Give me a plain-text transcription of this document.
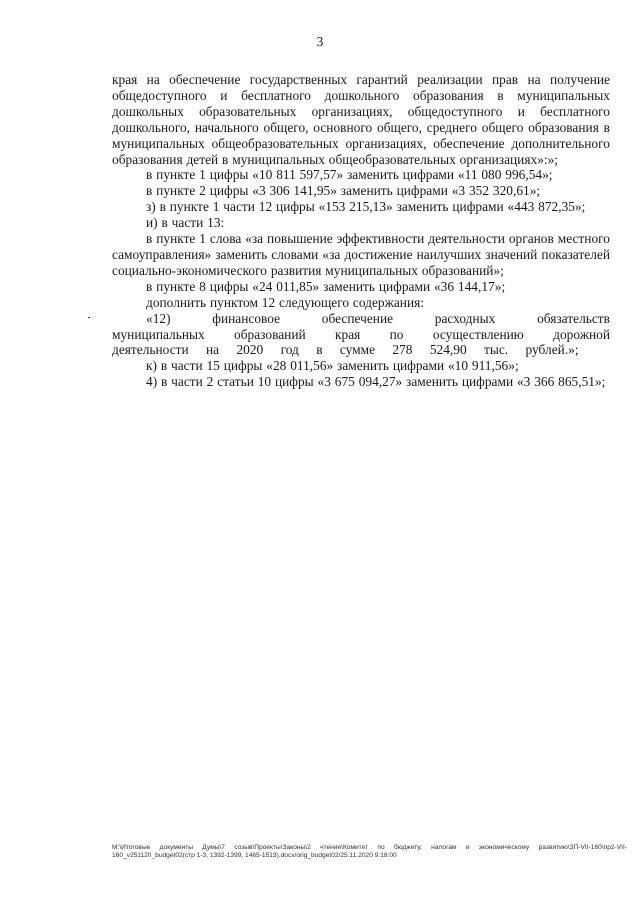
3

края на обеспечение государственных гарантий реализации прав на получение общедоступного и бесплатного дошкольного образования в муниципальных дошкольных образовательных организациях, общедоступного и бесплатного дошкольного, начального общего, основного общего, среднего общего образования в муниципальных общеобразовательных организациях, обеспечение дополнительного образования детей в муниципальных общеобразовательных организациях»:»;

в пункте 1 цифры «10 811 597,57» заменить цифрами «11 080 996,54»;

в пункте 2 цифры «3 306 141,95» заменить цифрами «3 352 320,61»;

з) в пункте 1 части 12 цифры «153 215,13» заменить цифрами «443 872,35»;

и) в части 13:

в пункте 1 слова «за повышение эффективности деятельности органов местного самоуправления» заменить словами «за достижение наилучших значений показателей социально-экономического развития муниципальных образований»;

в пункте 8 цифры «24 011,85» заменить цифрами «36 144,17»;

дополнить пунктом 12 следующего содержания:

«12) финансовое обеспечение расходных обязательств муниципальных образований края по осуществлению дорожной деятельности на 2020 год в сумме 278 524,90 тыс. рублей.»;

к) в части 15 цифры «28 011,56» заменить цифрами «10 911,56»;

4) в части 2 статьи 10 цифры «3 675 094,27» заменить цифрами «3 366 865,51»;

M:\Итоговые документы Думы\7 созыв\Проекты\Законы\2 чтение\Комитет по бюджету, налогам и экономическому развитию\ЗП-VII-160\пр2-VII-160_v251120_budget02(стр 1-3, 1392-1399, 1465-1513).docx/orig_budget02/25.11.2020 9:18:00
